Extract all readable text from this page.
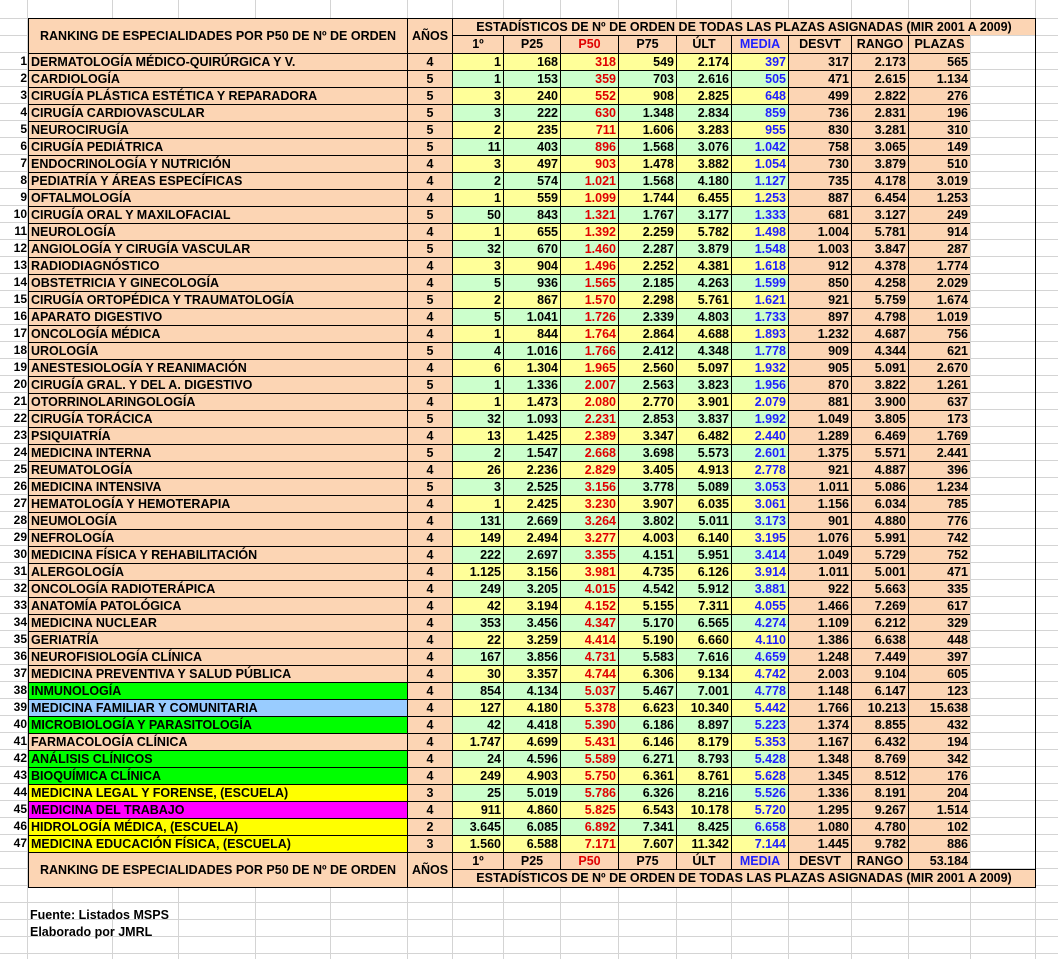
RANKING DE ESPECIALIDADES POR P50 DE Nº DE ORDEN	AÑOS
ESTADÍSTICOS DE Nº DE ORDEN DE TODAS LAS PLAZAS ASIGNADAS (MIR 2001 A 2009)
1º	P25	P50	P75	ÚLT	MEDIA	DESVT	RANGO PLAZAS
1 DERMATOLOGÍA MÉDICO-QUIRÚRGICA Y V.	4	1	168	318	549	2.174	397	317	2.173	565
2 CARDIOLOGÍA	5	1	153	359	703	2.616	505	471	2.615	1.134
3 CIRUGÍA PLÁSTICA ESTÉTICA Y REPARADORA	5	3	240	552	908	2.825	648	499	2.822	276
4 CIRUGÍA CARDIOVASCULAR	5	3	222	630	1.348	2.834	859	736	2.831	196
5 NEUROCIRUGÍA	5	2	235	711	1.606	3.283	955	830	3.281	310
6 CIRUGÍA PEDIÁTRICA	5	11	403	896	1.568	3.076	1.042	758	3.065	149
7 ENDOCRINOLOGÍA Y NUTRICIÓN	4	3	497	903	1.478	3.882	1.054	730	3.879	510
8 PEDIATRÍA Y ÁREAS ESPECÍFICAS	4	2	574	1.021	1.568	4.180	1.127	735	4.178	3.019
9 OFTALMOLOGÍA	4	1	559	1.099	1.744	6.455	1.253	887	6.454	1.253
10 CIRUGÍA ORAL Y MAXILOFACIAL	5	50	843	1.321	1.767	3.177	1.333	681	3.127	249
11 NEUROLOGÍA	4	1	655	1.392	2.259	5.782	1.498	1.004	5.781	914
12 ANGIOLOGÍA Y CIRUGÍA VASCULAR	5	32	670	1.460	2.287	3.879	1.548	1.003	3.847	287
13 RADIODIAGNÓSTICO	4	3	904	1.496	2.252	4.381	1.618	912	4.378	1.774
14 OBSTETRICIA Y GINECOLOGÍA	4	5	936	1.565	2.185	4.263	1.599	850	4.258	2.029
15 CIRUGÍA ORTOPÉDICA Y TRAUMATOLOGÍA	5	2	867	1.570	2.298	5.761	1.621	921	5.759	1.674
16 APARATO DIGESTIVO	4	5	1.041	1.726	2.339	4.803	1.733	897	4.798	1.019
17 ONCOLOGÍA MÉDICA	4	1	844	1.764	2.864	4.688	1.893	1.232	4.687	756
18 UROLOGÍA	5	4	1.016	1.766	2.412	4.348	1.778	909	4.344	621
19 ANESTESIOLOGÍA Y REANIMACIÓN	4	6	1.304	1.965	2.560	5.097	1.932	905	5.091	2.670
20 CIRUGÍA GRAL. Y DEL A. DIGESTIVO	5	1	1.336	2.007	2.563	3.823	1.956	870	3.822	1.261
21 OTORRINOLARINGOLOGÍA	4	1	1.473	2.080	2.770	3.901	2.079	881	3.900	637
22 CIRUGÍA TORÁCICA	5	32	1.093	2.231	2.853	3.837	1.992	1.049	3.805	173
23 PSIQUIATRÍA	4	13	1.425	2.389	3.347	6.482	2.440	1.289	6.469	1.769
24 MEDICINA INTERNA	5	2	1.547	2.668	3.698	5.573	2.601	1.375	5.571	2.441
25 REUMATOLOGÍA	4	26	2.236	2.829	3.405	4.913	2.778	921	4.887	396
26 MEDICINA INTENSIVA	5	3	2.525	3.156	3.778	5.089	3.053	1.011	5.086	1.234
27 HEMATOLOGÍA Y HEMOTERAPIA	4	1	2.425	3.230	3.907	6.035	3.061	1.156	6.034	785
28 NEUMOLOGÍA	4	131	2.669	3.264	3.802	5.011	3.173	901	4.880	776
29 NEFROLOGÍA	4	149	2.494	3.277	4.003	6.140	3.195	1.076	5.991	742
30 MEDICINA FÍSICA Y REHABILITACIÓN	4	222	2.697	3.355	4.151	5.951	3.414	1.049	5.729	752
31 ALERGOLOGÍA	4	1.125	3.156	3.981	4.735	6.126	3.914	1.011	5.001	471
32 ONCOLOGÍA RADIOTERÁPICA	4	249	3.205	4.015	4.542	5.912	3.881	922	5.663	335
33 ANATOMÍA PATOLÓGICA	4	42	3.194	4.152	5.155	7.311	4.055	1.466	7.269	617
34 MEDICINA NUCLEAR	4	353	3.456	4.347	5.170	6.565	4.274	1.109	6.212	329
35 GERIATRÍA	4	22	3.259	4.414	5.190	6.660	4.110	1.386	6.638	448
36 NEUROFISIOLOGÍA CLÍNICA	4	167	3.856	4.731	5.583	7.616	4.659	1.248	7.449	397
37 MEDICINA PREVENTIVA Y SALUD PÚBLICA	4	30	3.357	4.744	6.306	9.134	4.742	2.003	9.104	605
38 INMUNOLOGÍA	4	854	4.134	5.037	5.467	7.001	4.778	1.148	6.147	123
39 MEDICINA FAMILIAR Y COMUNITARIA	4	127	4.180	5.378	6.623	10.340	5.442	1.766	10.213	15.638
40 MICROBIOLOGÍA Y PARASITOLOGÍA	4	42	4.418	5.390	6.186	8.897	5.223	1.374	8.855	432
41 FARMACOLOGÍA CLÍNICA	4	1.747	4.699	5.431	6.146	8.179	5.353	1.167	6.432	194
42 ANÁLISIS CLÍNICOS	4	24	4.596	5.589	6.271	8.793	5.428	1.348	8.769	342
43 BIOQUÍMICA CLÍNICA	4	249	4.903	5.750	6.361	8.761	5.628	1.345	8.512	176
44 MEDICINA LEGAL Y FORENSE, (ESCUELA)	3	25	5.019	5.786	6.326	8.216	5.526	1.336	8.191	204
45 MEDICINA DEL TRABAJO	4	911	4.860	5.825	6.543	10.178	5.720	1.295	9.267	1.514
46 HIDROLOGÍA MÉDICA, (ESCUELA)	2	3.645	6.085	6.892	7.341	8.425	6.658	1.080	4.780	102
47 MEDICINA EDUCACIÓN FÍSICA, (ESCUELA)	3	1.560	6.588	7.171	7.607	11.342	7.144	1.445	9.782	886
RANKING DE ESPECIALIDADES POR P50 DE Nº DE ORDEN	AÑOS
1º	P25	P50	P75	ÚLT	MEDIA	DESVT	RANGO	53.184
ESTADÍSTICOS DE Nº DE ORDEN DE TODAS LAS PLAZAS ASIGNADAS (MIR 2001 A 2009)
Fuente: Listados MSPS
Elaborado por JMRL
